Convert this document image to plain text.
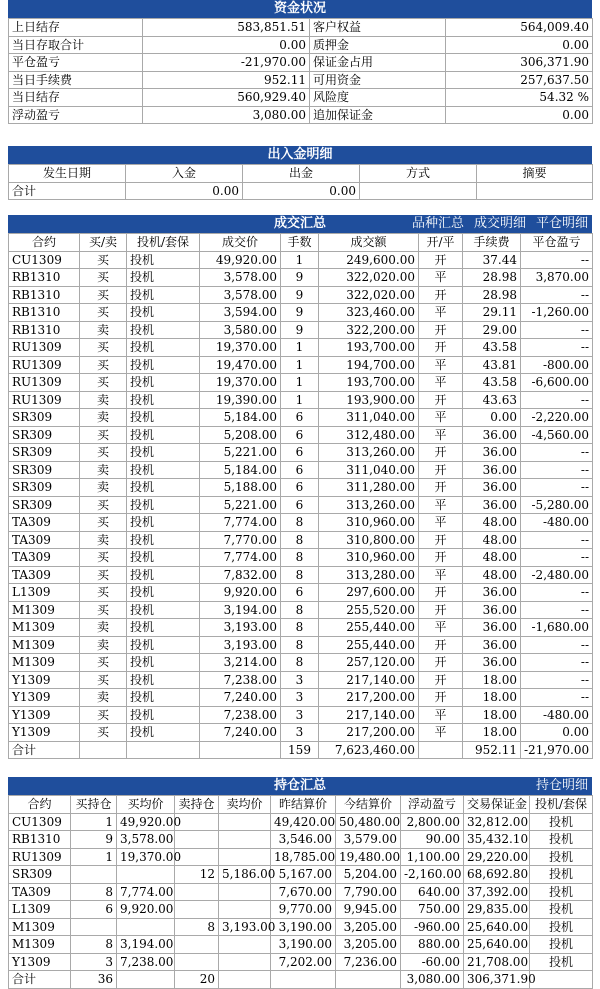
资金状况
上日结存	583,851.51	客户权益	564,009.40
当日存取合计	0.00	质押金	0.00
平仓盈亏	-21,970.00	保证金占用	306,371.90
当日手续费	952.11	可用资金	257,637.50
当日结存	560,929.40	风险度	54.32 %
浮动盈亏	3,080.00	追加保证金	0.00
出入金明细
发生日期	入金	出金	方式	摘要
合计	0.00	0.00		
成交汇总	品种汇总 成交明细 平仓明细
合约	买/卖	投机/套保	成交价	手数	成交额	开/平	手续费	平仓盈亏
CU1309	买	投机	49,920.00	1	249,600.00	开	37.44	--
RB1310	买	投机	3,578.00	9	322,020.00	平	28.98	3,870.00
RB1310	买	投机	3,578.00	9	322,020.00	开	28.98	--
RB1310	买	投机	3,594.00	9	323,460.00	平	29.11	-1,260.00
RB1310	卖	投机	3,580.00	9	322,200.00	开	29.00	--
RU1309	买	投机	19,370.00	1	193,700.00	开	43.58	--
RU1309	买	投机	19,470.00	1	194,700.00	平	43.81	-800.00
RU1309	买	投机	19,370.00	1	193,700.00	平	43.58	-6,600.00
RU1309	卖	投机	19,390.00	1	193,900.00	开	43.63	--
SR309	卖	投机	5,184.00	6	311,040.00	平	0.00	-2,220.00
SR309	买	投机	5,208.00	6	312,480.00	平	36.00	-4,560.00
SR309	买	投机	5,221.00	6	313,260.00	开	36.00	--
SR309	卖	投机	5,184.00	6	311,040.00	开	36.00	--
SR309	卖	投机	5,188.00	6	311,280.00	开	36.00	--
SR309	买	投机	5,221.00	6	313,260.00	平	36.00	-5,280.00
TA309	买	投机	7,774.00	8	310,960.00	平	48.00	-480.00
TA309	卖	投机	7,770.00	8	310,800.00	开	48.00	--
TA309	买	投机	7,774.00	8	310,960.00	开	48.00	--
TA309	买	投机	7,832.00	8	313,280.00	平	48.00	-2,480.00
L1309	买	投机	9,920.00	6	297,600.00	开	36.00	--
M1309	买	投机	3,194.00	8	255,520.00	开	36.00	--
M1309	卖	投机	3,193.00	8	255,440.00	平	36.00	-1,680.00
M1309	卖	投机	3,193.00	8	255,440.00	开	36.00	--
M1309	买	投机	3,214.00	8	257,120.00	开	36.00	--
Y1309	买	投机	7,238.00	3	217,140.00	开	18.00	--
Y1309	卖	投机	7,240.00	3	217,200.00	开	18.00	--
Y1309	买	投机	7,238.00	3	217,140.00	平	18.00	-480.00
Y1309	买	投机	7,240.00	3	217,200.00	平	18.00	0.00
合计				159	7,623,460.00		952.11	-21,970.00
持仓汇总	持仓明细
合约	买持仓	买均价	卖持仓	卖均价	昨结算价	今结算价	浮动盈亏	交易保证金	投机/套保
CU1309	1	49,920.00			49,420.00	50,480.00	2,800.00	32,812.00	投机
RB1310	9	3,578.00			3,546.00	3,579.00	90.00	35,432.10	投机
RU1309	1	19,370.00			18,785.00	19,480.00	1,100.00	29,220.00	投机
SR309			12	5,186.00	5,167.00	5,204.00	-2,160.00	68,692.80	投机
TA309	8	7,774.00			7,670.00	7,790.00	640.00	37,392.00	投机
L1309	6	9,920.00			9,770.00	9,945.00	750.00	29,835.00	投机
M1309			8	3,193.00	3,190.00	3,205.00	-960.00	25,640.00	投机
M1309	8	3,194.00			3,190.00	3,205.00	880.00	25,640.00	投机
Y1309	3	7,238.00			7,202.00	7,236.00	-60.00	21,708.00	投机
合计	36		20				3,080.00	306,371.90	
